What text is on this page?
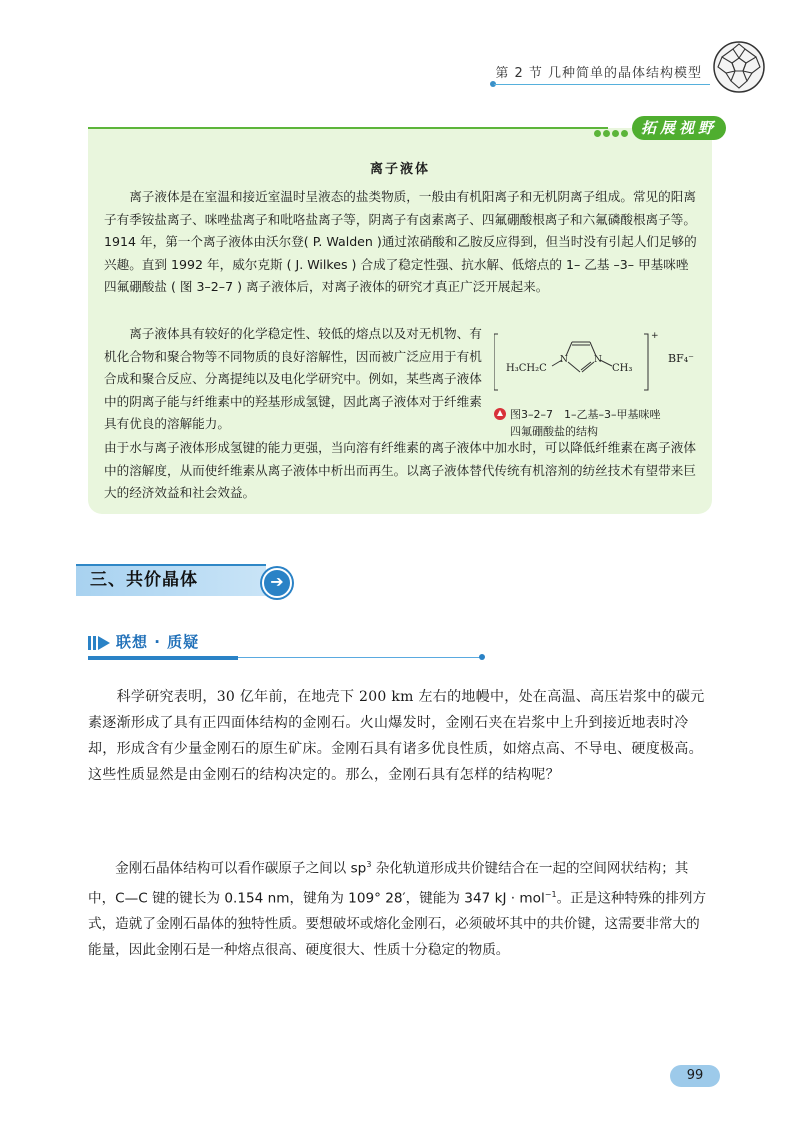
第 2 节 几种简单的晶体结构模型
拓展视野
离子液体

　　离子液体是在室温和接近室温时呈液态的盐类物质，一般由有机阳离子和无机阴离子组成。常见的阳离子有季铵盐离子、咪唑盐离子和吡咯盐离子等，阴离子有卤素离子、四氟硼酸根离子和六氟磷酸根离子等。1914 年，第一个离子液体由沃尔登( P. Walden )通过浓硝酸和乙胺反应得到，但当时没有引起人们足够的兴趣。直到 1992 年，威尔克斯 ( J. Wilkes ) 合成了稳定性强、抗水解、低熔点的 1– 乙基 –3– 甲基咪唑四氟硼酸盐 ( 图 3–2–7 ) 离子液体后，对离子液体的研究才真正广泛开展起来。

　　离子液体具有较好的化学稳定性、较低的熔点以及对无机物、有机化合物和聚合物等不同物质的良好溶解性，因而被广泛应用于有机合成和聚合反应、分离提纯以及电化学研究中。例如，某些离子液体中的阴离子能与纤维素中的羟基形成氢键，因此离子液体对于纤维素具有优良的溶解能力。

由于水与离子液体形成氢键的能力更强，当向溶有纤维素的离子液体中加水时，可以降低纤维素在离子液体中的溶解度，从而使纤维素从离子液体中析出而再生。以离子液体替代传统有机溶剂的纺丝技术有望带来巨大的经济效益和社会效益。

H₃CH₂C
N	N
CH₃
+
BF₄⁻
图3–2–7　1–乙基–3–甲基咪唑
四氟硼酸盐的结构
三、共价晶体	➔
联想 · 质疑

　　科学研究表明，30 亿年前，在地壳下 200 km 左右的地幔中，处在高温、高压岩浆中的碳元素逐渐形成了具有正四面体结构的金刚石。火山爆发时，金刚石夹在岩浆中上升到接近地表时冷却，形成含有少量金刚石的原生矿床。金刚石具有诸多优良性质，如熔点高、不导电、硬度极高。这些性质显然是由金刚石的结构决定的。那么，金刚石具有怎样的结构呢？

　　金刚石晶体结构可以看作碳原子之间以 $sp^3$ 杂化轨道形成共价键结合在一起的空间网状结构；其中，C—C 键的键长为 0.154 nm，键角为 109° 28′，键能为 347 kJ · mol$^{-1}$。正是这种特殊的排列方式，造就了金刚石晶体的独特性质。要想破坏或熔化金刚石，必须破坏其中的共价键，这需要非常大的能量，因此金刚石是一种熔点很高、硬度很大、性质十分稳定的物质。

99
